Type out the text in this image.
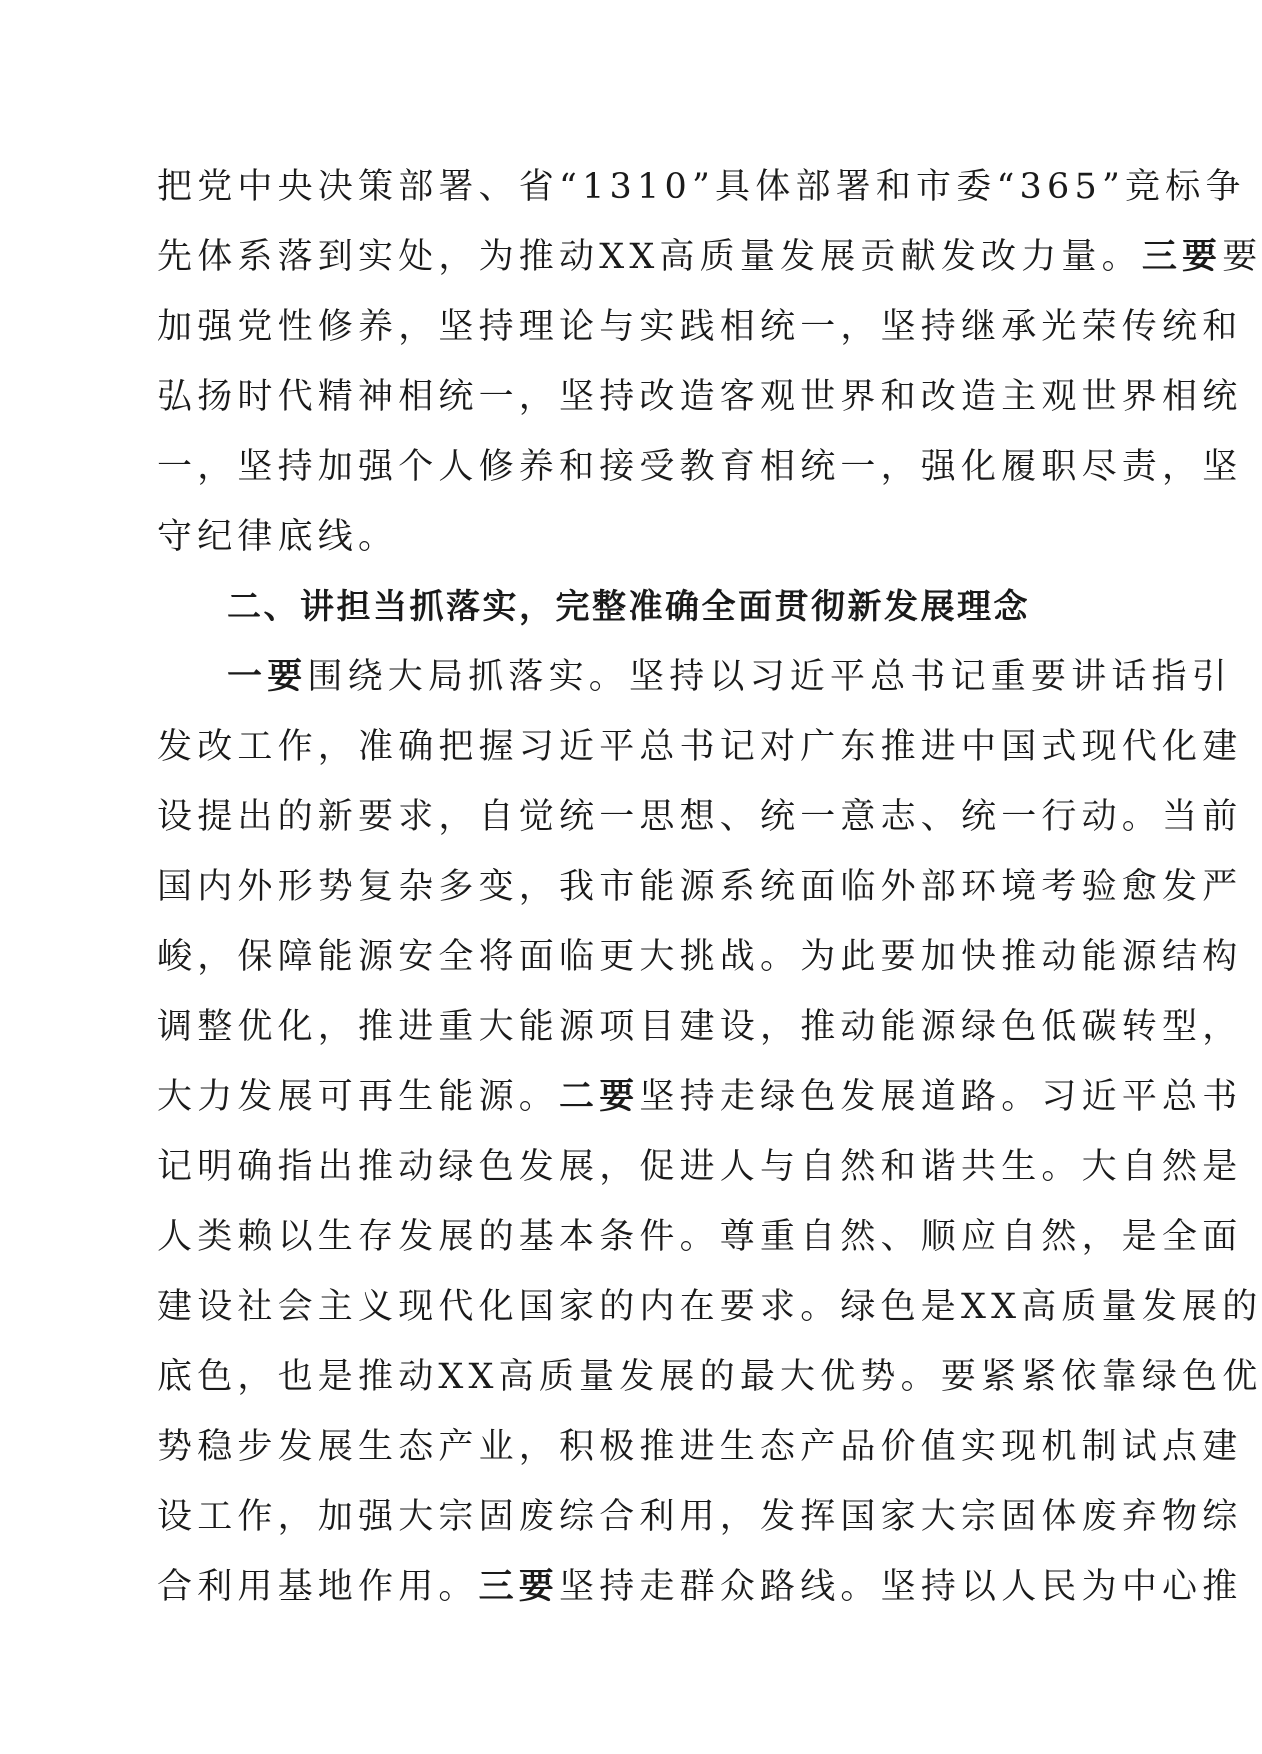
把党中央决策部署、省“1310”具体部署和市委“365”竞标争
先体系落到实处，为推动XX高质量发展贡献发改力量。三要要
加强党性修养，坚持理论与实践相统一，坚持继承光荣传统和
弘扬时代精神相统一，坚持改造客观世界和改造主观世界相统
一，坚持加强个人修养和接受教育相统一，强化履职尽责，坚
守纪律底线。
二、讲担当抓落实，完整准确全面贯彻新发展理念
一要围绕大局抓落实。坚持以习近平总书记重要讲话指引
发改工作，准确把握习近平总书记对广东推进中国式现代化建
设提出的新要求，自觉统一思想、统一意志、统一行动。当前
国内外形势复杂多变，我市能源系统面临外部环境考验愈发严
峻，保障能源安全将面临更大挑战。为此要加快推动能源结构
调整优化，推进重大能源项目建设，推动能源绿色低碳转型，
大力发展可再生能源。二要坚持走绿色发展道路。习近平总书
记明确指出推动绿色发展，促进人与自然和谐共生。大自然是
人类赖以生存发展的基本条件。尊重自然、顺应自然，是全面
建设社会主义现代化国家的内在要求。绿色是XX高质量发展的
底色，也是推动XX高质量发展的最大优势。要紧紧依靠绿色优
势稳步发展生态产业，积极推进生态产品价值实现机制试点建
设工作，加强大宗固废综合利用，发挥国家大宗固体废弃物综
合利用基地作用。三要坚持走群众路线。坚持以人民为中心推
